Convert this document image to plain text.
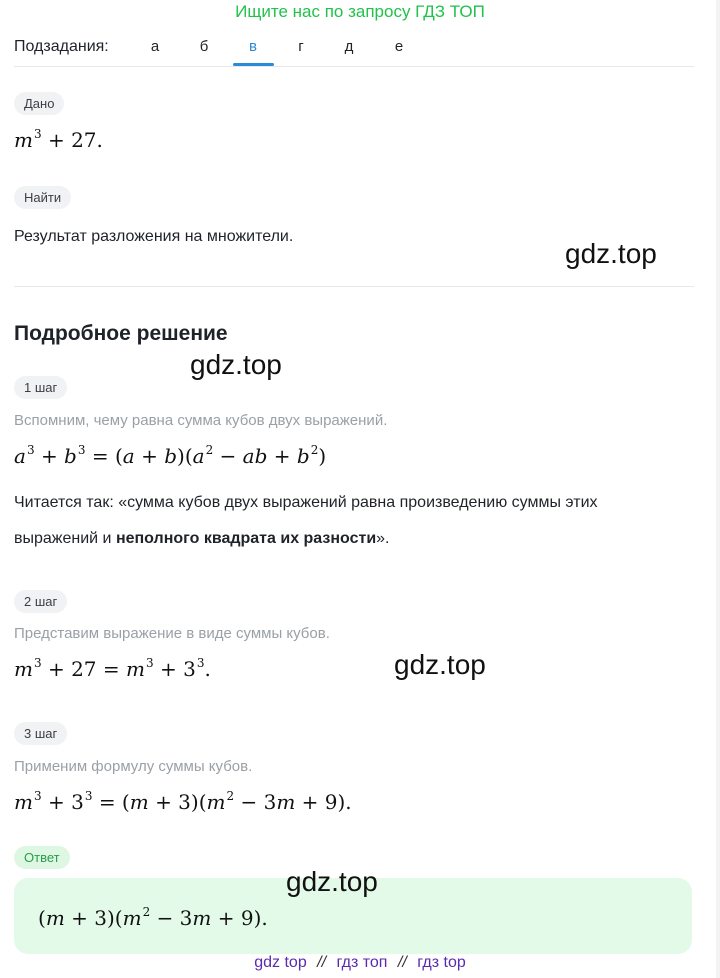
Ищите нас по запросу ГДЗ ТОП
Подзадания:	а	б	в	г	д	е
Дано
$m^3 + 27$.
Найти
Результат разложения на множители.
gdz.top
Подробное решение
gdz.top
1 шаг
Вспомним, чему равна сумма кубов двух выражений.
$a^3 + b^3 = (a + b)(a^2$ − ab + $b^2$)
Читается так: «сумма кубов двух выражений равна произведению суммы этих
выражений и неполного квадрата их разности».
2 шаг
Представим выражение в виде суммы кубов.
$m^3 + 27 = m^3 + 3^3$.	gdz.top
3 шаг
Применим формулу суммы кубов.
$m^3 + 3^3 = (m + 3)(m^2 - 3m + 9)$.
Ответ
$(m + 3)(m^2 - 3m + 9)$.
gdz.top
gdz top // гдз топ // гдз top
